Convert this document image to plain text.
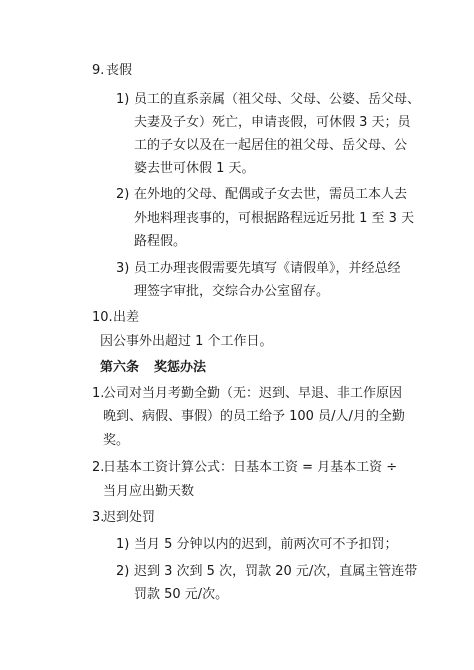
9. 丧假
1) 员工的直系亲属（祖父母、父母、公婆、岳父母、
夫妻及子女）死亡，申请丧假，可休假 3 天；员
工的子女以及在一起居住的祖父母、岳父母、公
婆去世可休假 1 天。
2) 在外地的父母、配偶或子女去世，需员工本人去
外地料理丧事的，可根据路程远近另批 1 至 3 天
路程假。
3) 员工办理丧假需要先填写《请假单》，并经总经
理签字审批，交综合办公室留存。
10. 出差
因公事外出超过 1 个工作日。
第六条 奖惩办法
1.
公司对当月考勤全勤（无：迟到、早退、非工作原因
晚到、病假、事假）的员工给予 100 员/人/月的全勤
奖。
2.
日基本工资计算公式：日基本工资 = 月基本工资 ÷
当月应出勤天数
3.
迟到处罚
1) 当月 5 分钟以内的迟到，前两次可不予扣罚；
2) 迟到 3 次到 5 次，罚款 20 元/次，直属主管连带
罚款 50 元/次。
